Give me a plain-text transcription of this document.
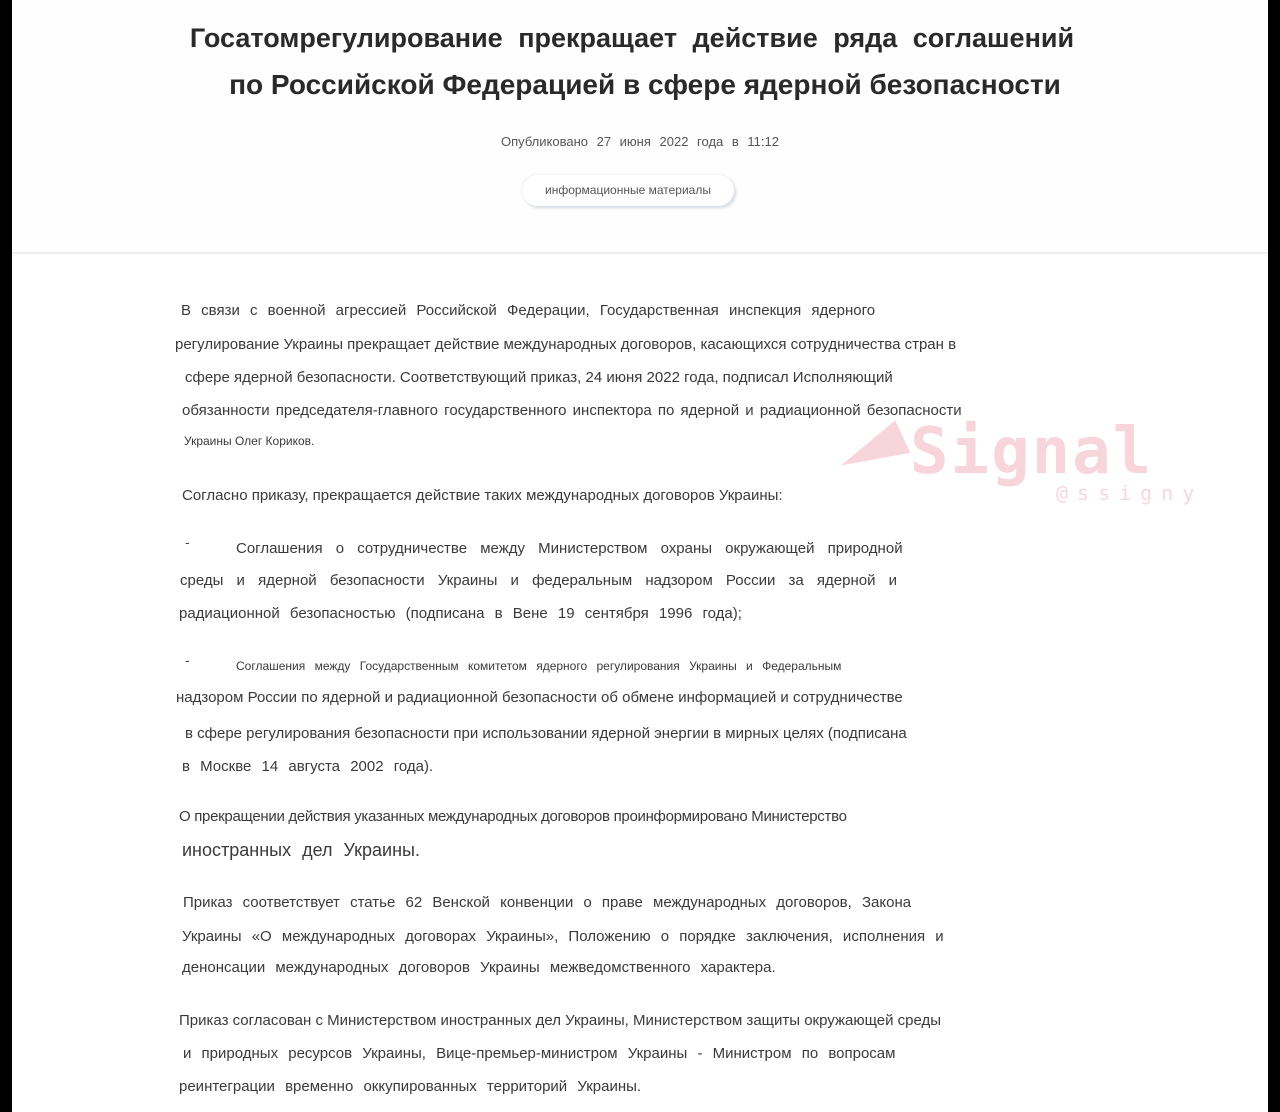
Госатомрегулирование прекращает действие ряда соглашений
по Российской Федерацией в сфере ядерной безопасности
Опубликовано 27 июня 2022 года в 11:12
информационные материалы
В связи с военной агрессией Российской Федерации, Государственная инспекция ядерного
регулирование Украины прекращает действие международных договоров, касающихся сотрудничества стран в
сфере ядерной безопасности. Соответствующий приказ, 24 июня 2022 года, подписал Исполняющий
обязанности председателя-главного государственного инспектора по ядерной и радиационной безопасности
Украины Олег Кориков.
Согласно приказу, прекращается действие таких международных договоров Украины:
-	Соглашения о сотрудничестве между Министерством охраны окружающей природной
среды и ядерной безопасности Украины и федеральным надзором России за ядерной и
радиационной безопасностью (подписана в Вене 19 сентября 1996 года);
-	Соглашения между Государственным комитетом ядерного регулирования Украины и Федеральным
надзором России по ядерной и радиационной безопасности об обмене информацией и сотрудничестве
в сфере регулирования безопасности при использовании ядерной энергии в мирных целях (подписана
в Москве 14 августа 2002 года).
О прекращении действия указанных международных договоров проинформировано Министерство
иностранных дел Украины.
Приказ соответствует статье 62 Венской конвенции о праве международных договоров, Закона
Украины «О международных договорах Украины», Положению о порядке заключения, исполнения и
денонсации международных договоров Украины межведомственного характера.
Приказ согласован с Министерством иностранных дел Украины, Министерством защиты окружающей среды
и природных ресурсов Украины, Вице-премьер-министром Украины - Министром по вопросам
реинтеграции временно оккупированных территорий Украины.
Signal
@ssigny
